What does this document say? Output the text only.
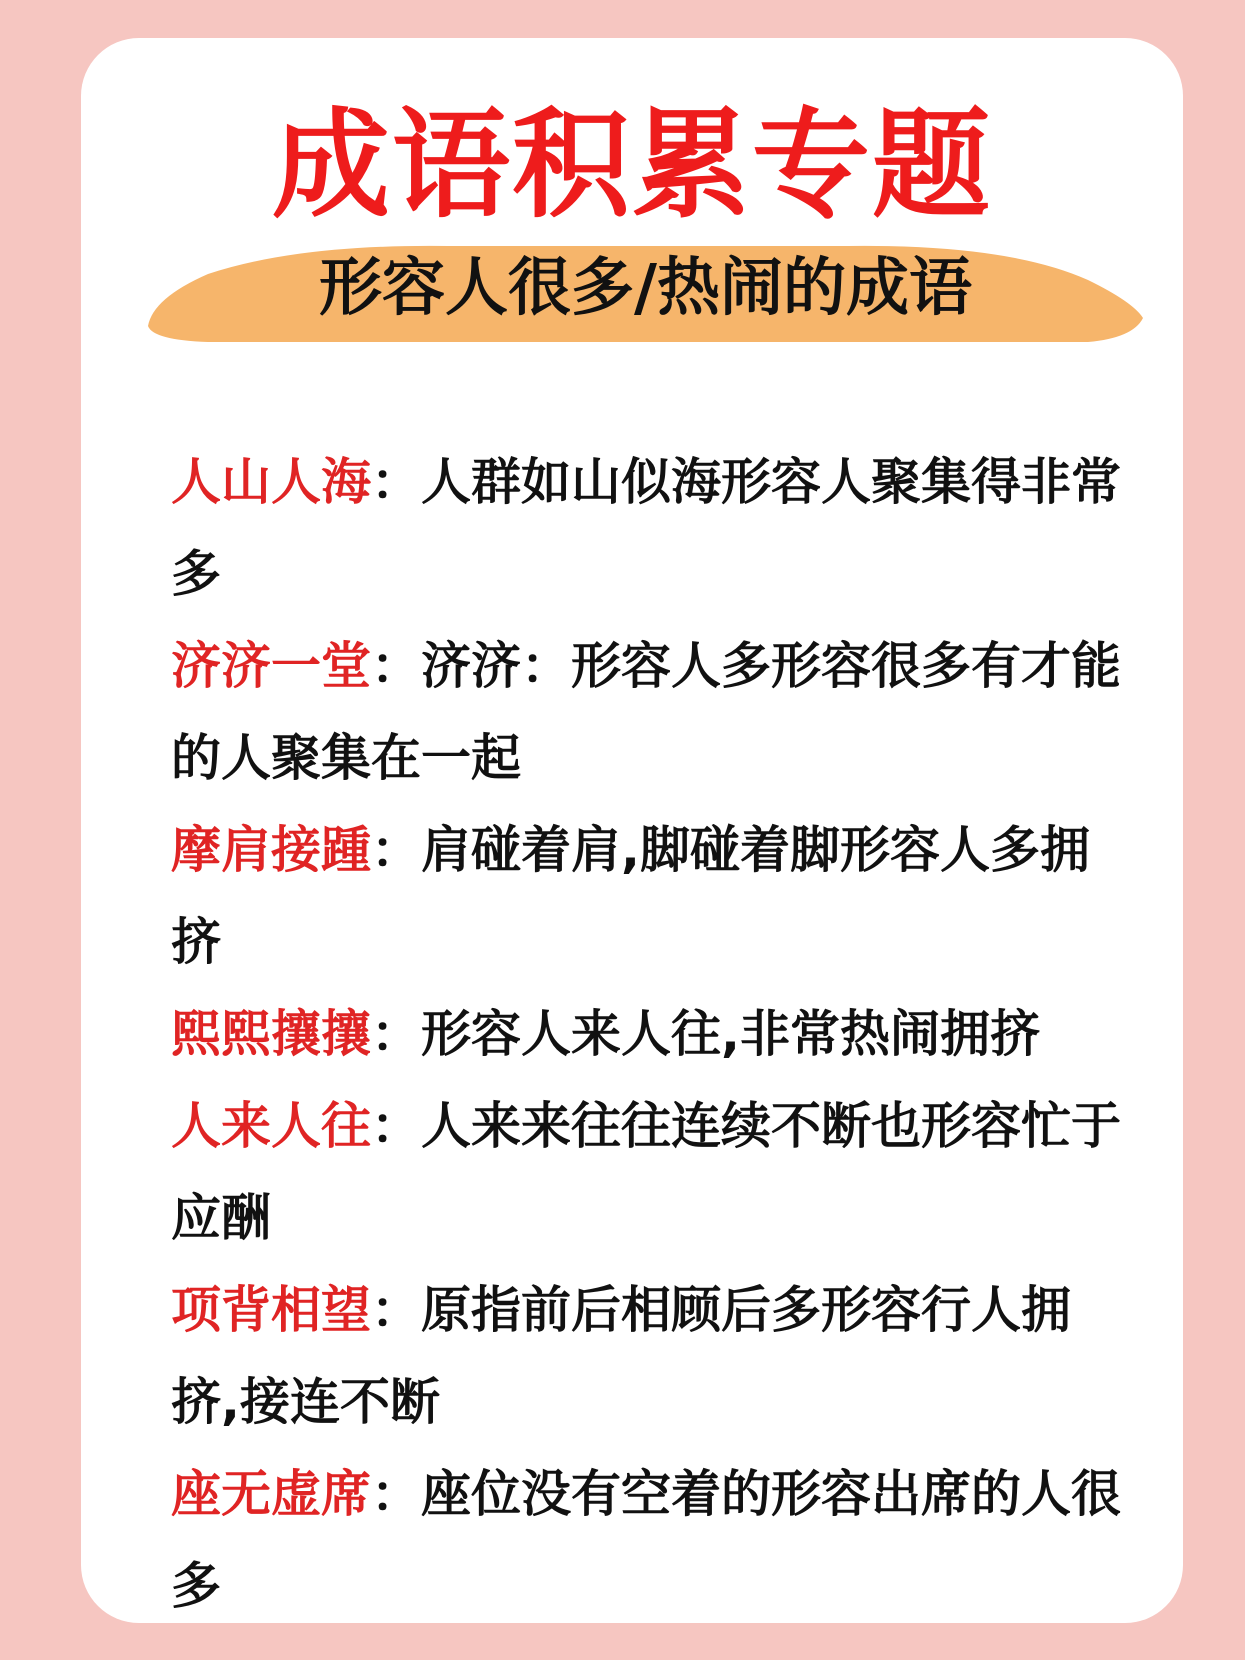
成语积累专题
形容人很多/热闹的成语
人山人海：人群如山似海形容人聚集得非常多
济济一堂：济济：形容人多形容很多有才能的人聚集在一起
摩肩接踵：肩碰着肩,脚碰着脚形容人多拥挤
熙熙攘攘：形容人来人往,非常热闹拥挤
人来人往：人来来往往连续不断也形容忙于应酬
项背相望：原指前后相顾后多形容行人拥挤,接连不断
座无虚席：座位没有空着的形容出席的人很多
